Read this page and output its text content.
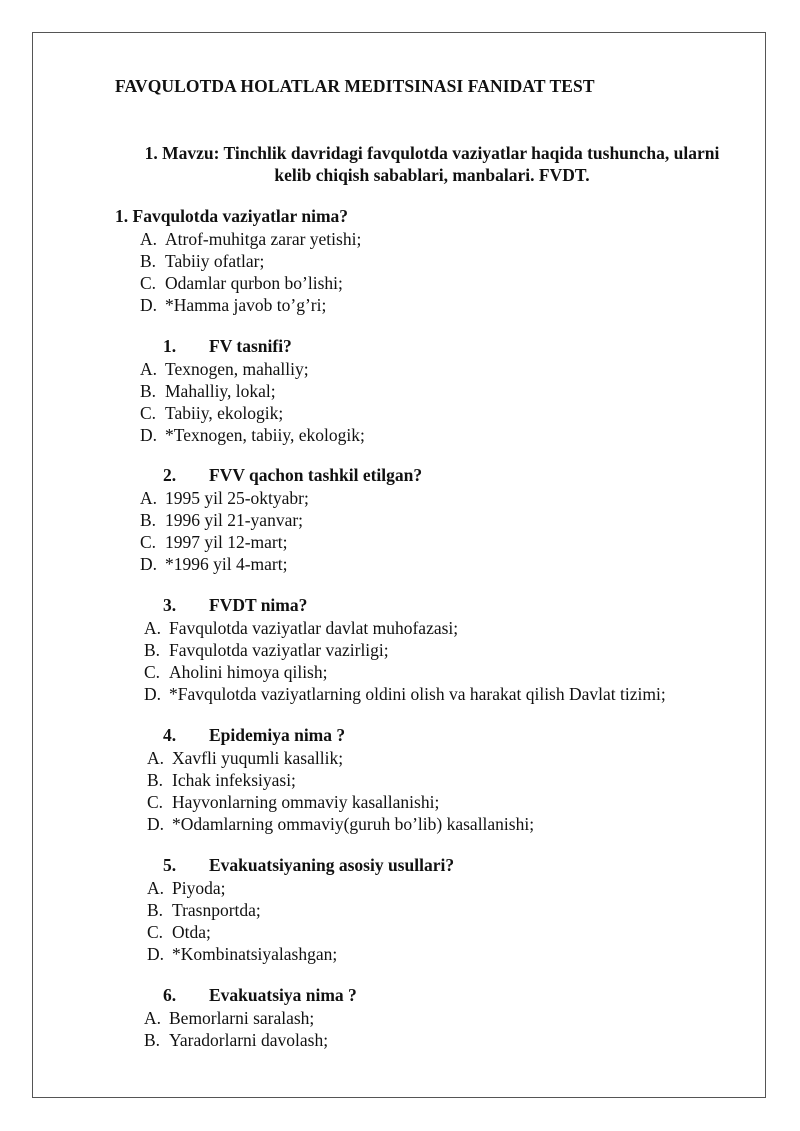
FAVQULOTDA HOLATLAR MEDITSINASI FANIDAT TEST
1. Mavzu: Tinchlik davridagi favqulotda vaziyatlar haqida tushuncha, ularni
kelib chiqish sabablari, manbalari. FVDT.
1. Favqulotda vaziyatlar nima?
A. Atrof-muhitga zarar yetishi;
B. Tabiiy ofatlar;
C. Odamlar qurbon bo’lishi;
D. *Hamma javob to’g’ri;
1. FV tasnifi?
A. Texnogen, mahalliy;
B. Mahalliy, lokal;
C. Tabiiy, ekologik;
D. *Texnogen, tabiiy, ekologik;
2. FVV qachon tashkil etilgan?
A. 1995 yil 25-oktyabr;
B. 1996 yil 21-yanvar;
C. 1997 yil 12-mart;
D. *1996 yil 4-mart;
3. FVDT nima?
A. Favqulotda vaziyatlar davlat muhofazasi;
B. Favqulotda vaziyatlar vazirligi;
C. Aholini himoya qilish;
D. *Favqulotda vaziyatlarning oldini olish va harakat qilish Davlat tizimi;
4. Epidemiya nima ?
A. Xavfli yuqumli kasallik;
B. Ichak infeksiyasi;
C. Hayvonlarning ommaviy kasallanishi;
D. *Odamlarning ommaviy(guruh bo’lib) kasallanishi;
5. Evakuatsiyaning asosiy usullari?
A. Piyoda;
B. Trasnportda;
C. Otda;
D. *Kombinatsiyalashgan;
6. Evakuatsiya nima ?
A. Bemorlarni saralash;
B. Yaradorlarni davolash;
